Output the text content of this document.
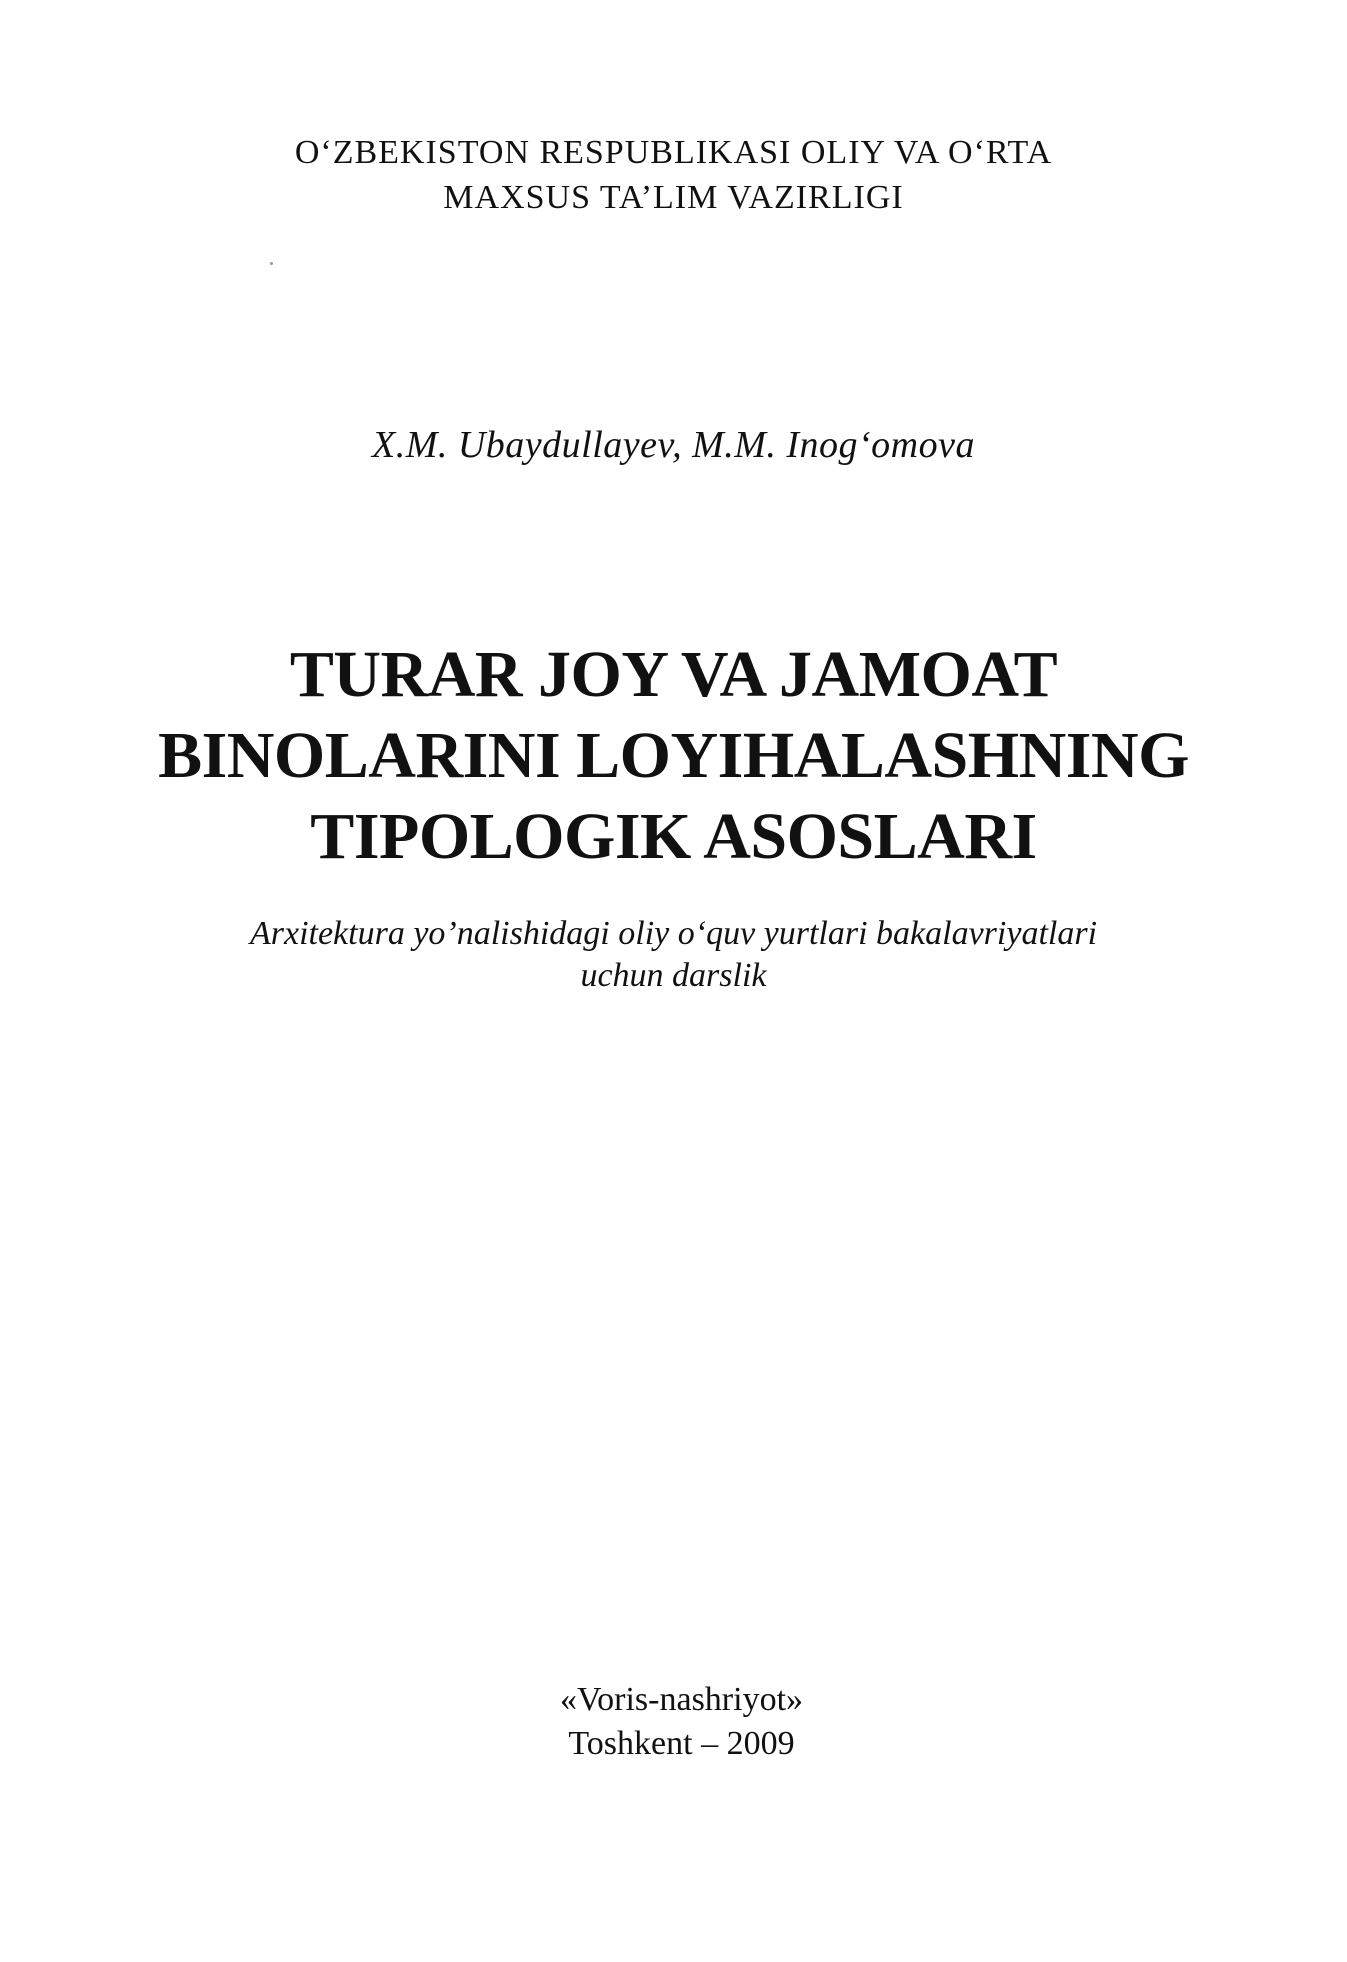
O‘ZBEKISTON RESPUBLIKASI OLIY VA O‘RTA
MAXSUS TA’LIM VAZIRLIGI
X.M. Ubaydullayev, M.M. Inog‘omova
TURAR JOY VA JAMOAT
BINOLARINI LOYIHALASHNING
TIPOLOGIK ASOSLARI
Arxitektura yo’nalishidagi oliy o‘quv yurtlari bakalavriyatlari
uchun darslik
«Voris-nashriyot»
Toshkent – 2009
